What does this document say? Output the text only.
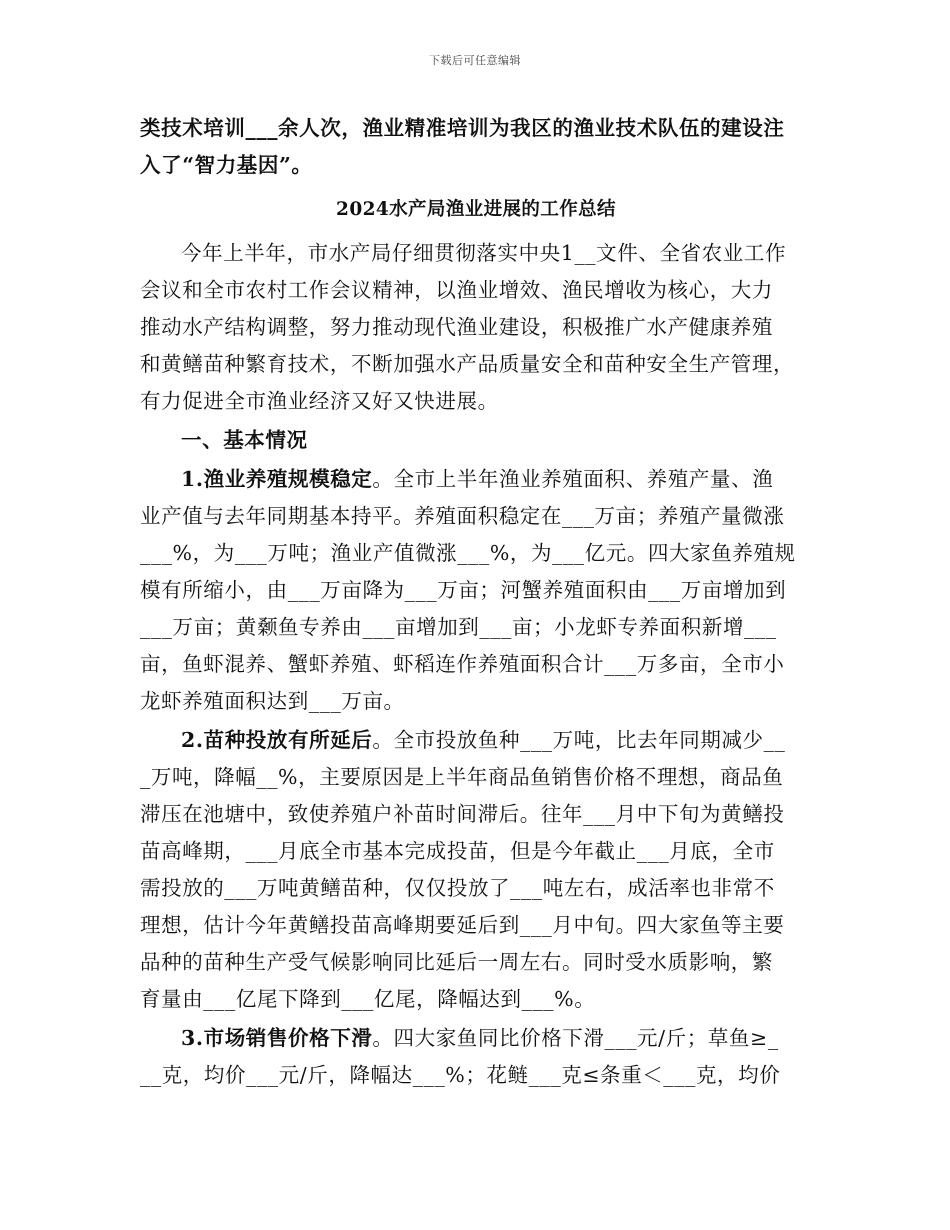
下载后可任意编辑
类技术培训___余人次，渔业精准培训为我区的渔业技术队伍的建设注
入了“智力基因”。
2024水产局渔业进展的工作总结
今年上半年，市水产局仔细贯彻落实中央1__文件、全省农业工作
会议和全市农村工作会议精神，以渔业增效、渔民增收为核心，大力
推动水产结构调整，努力推动现代渔业建设，积极推广水产健康养殖
和黄鳝苗种繁育技术，不断加强水产品质量安全和苗种安全生产管理，
有力促进全市渔业经济又好又快进展。
一、基本情况
1.渔业养殖规模稳定。全市上半年渔业养殖面积、养殖产量、渔
业产值与去年同期基本持平。养殖面积稳定在___万亩；养殖产量微涨
___%，为___万吨；渔业产值微涨___%，为___亿元。四大家鱼养殖规
模有所缩小，由___万亩降为___万亩；河蟹养殖面积由___万亩增加到
___万亩；黄颡鱼专养由___亩增加到___亩；小龙虾专养面积新增___
亩，鱼虾混养、蟹虾养殖、虾稻连作养殖面积合计___万多亩，全市小
龙虾养殖面积达到___万亩。
2.苗种投放有所延后。全市投放鱼种___万吨，比去年同期减少__
_万吨，降幅__%，主要原因是上半年商品鱼销售价格不理想，商品鱼
滞压在池塘中，致使养殖户补苗时间滞后。往年___月中下旬为黄鳝投
苗高峰期，___月底全市基本完成投苗，但是今年截止___月底，全市
需投放的___万吨黄鳝苗种，仅仅投放了___吨左右，成活率也非常不
理想，估计今年黄鳝投苗高峰期要延后到___月中旬。四大家鱼等主要
品种的苗种生产受气候影响同比延后一周左右。同时受水质影响，繁
育量由___亿尾下降到___亿尾，降幅达到___%。
3.市场销售价格下滑。四大家鱼同比价格下滑___元/斤；草鱼≥_
__克，均价___元/斤，降幅达___%；花鲢___克≤条重＜___克，均价
